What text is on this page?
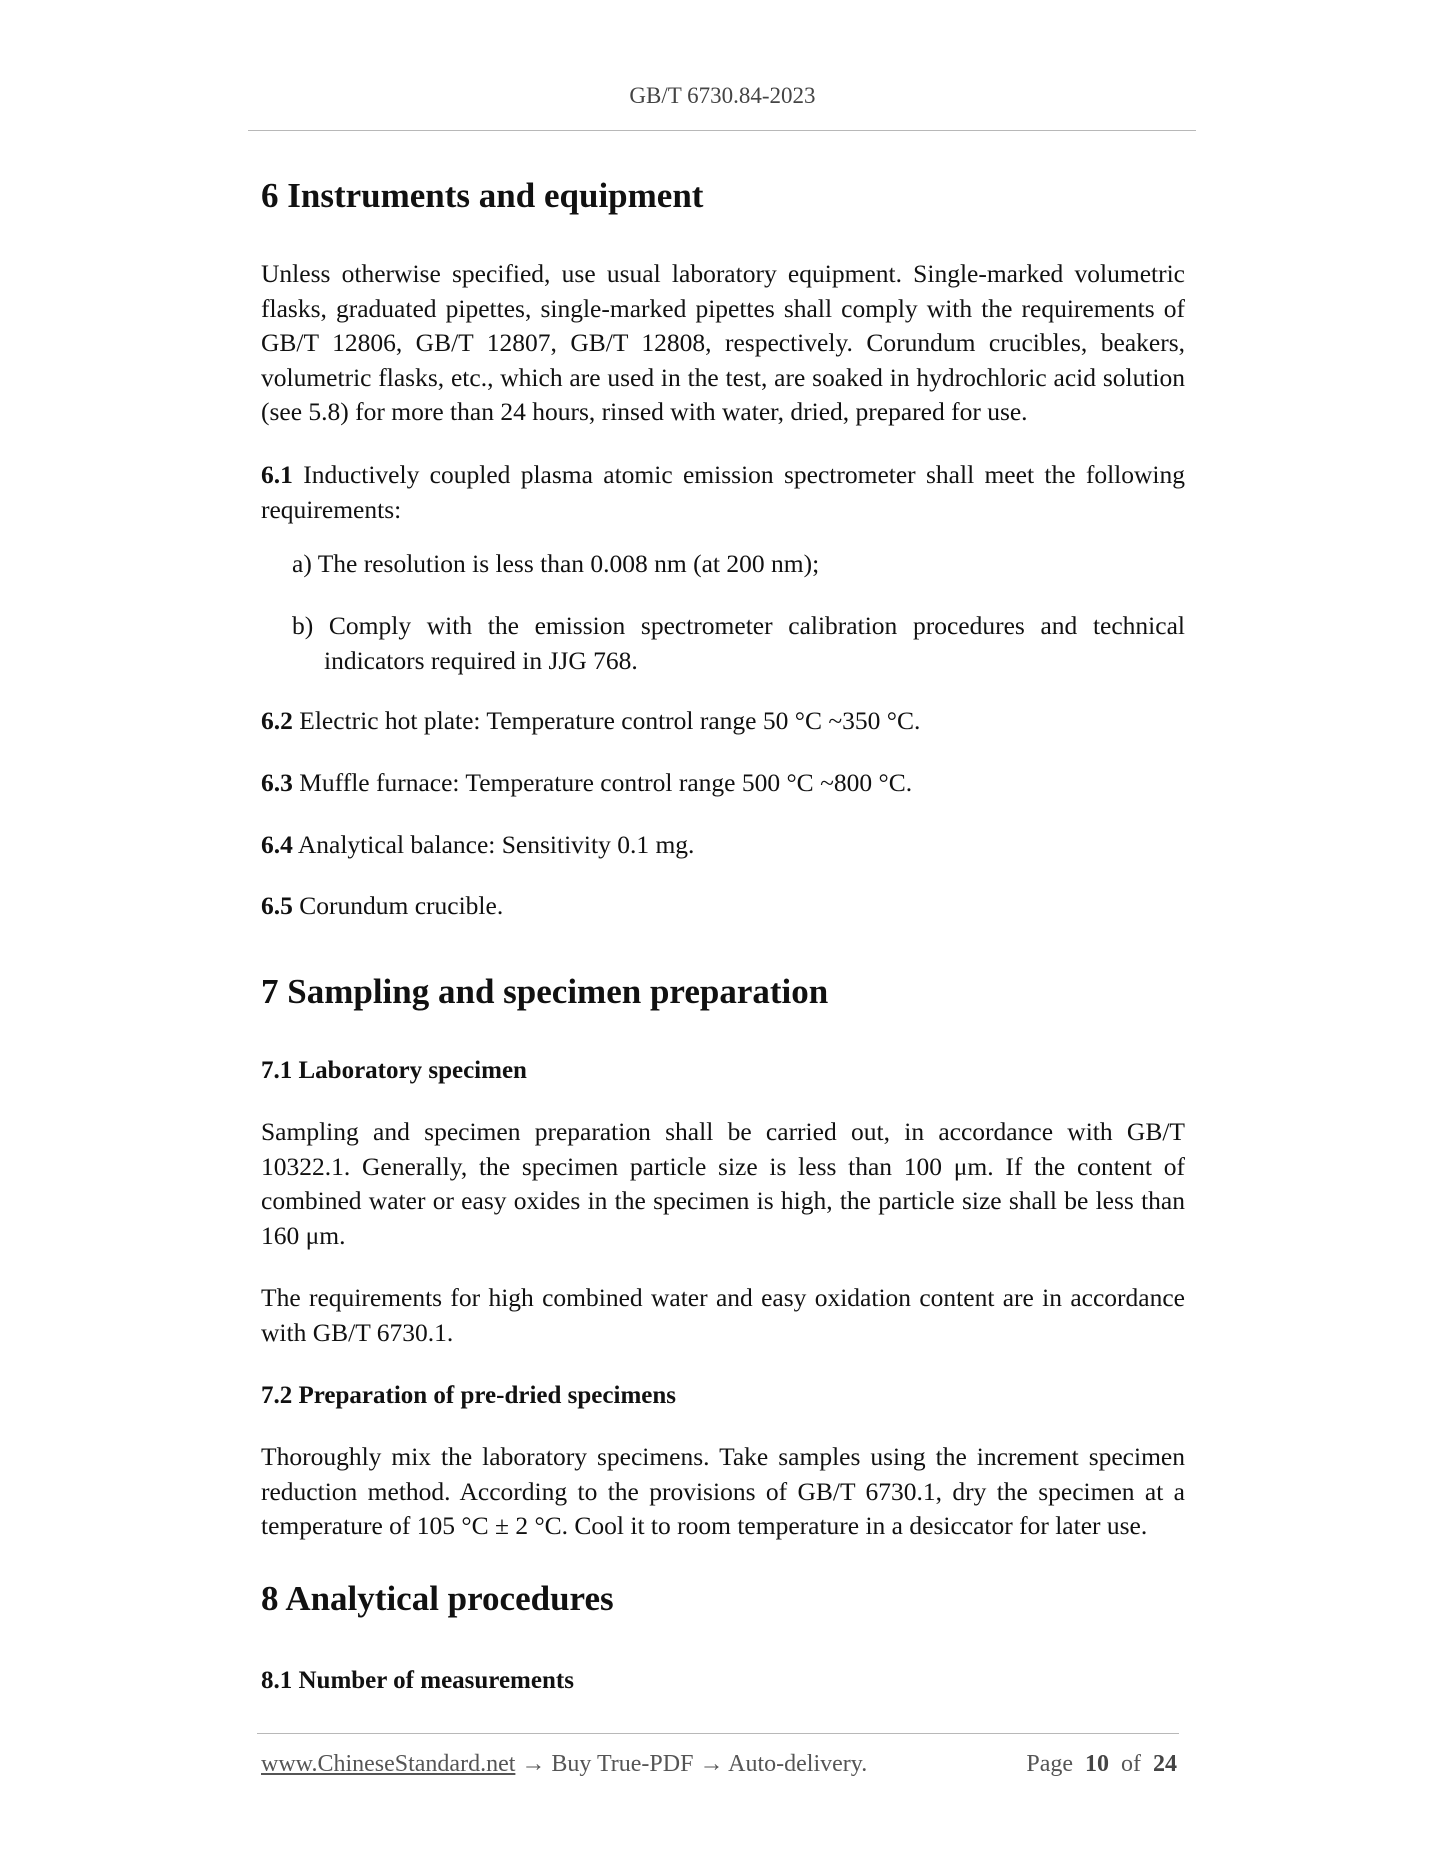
GB/T 6730.84-2023
6 Instruments and equipment

Unless otherwise specified, use usual laboratory equipment. Single-marked volumetric flasks, graduated pipettes, single-marked pipettes shall comply with the requirements of GB/T 12806, GB/T 12807, GB/T 12808, respectively. Corundum crucibles, beakers, volumetric flasks, etc., which are used in the test, are soaked in hydrochloric acid solution (see 5.8) for more than 24 hours, rinsed with water, dried, prepared for use.

6.1 Inductively coupled plasma atomic emission spectrometer shall meet the following requirements:

a) The resolution is less than 0.008 nm (at 200 nm);

b) Comply with the emission spectrometer calibration procedures and technical indicators required in JJG 768.

6.2 Electric hot plate: Temperature control range 50 °C ~350 °C.

6.3 Muffle furnace: Temperature control range 500 °C ~800 °C.

6.4 Analytical balance: Sensitivity 0.1 mg.

6.5 Corundum crucible.

7 Sampling and specimen preparation
7.1 Laboratory specimen

Sampling and specimen preparation shall be carried out, in accordance with GB/T 10322.1. Generally, the specimen particle size is less than 100 μm. If the content of combined water or easy oxides in the specimen is high, the particle size shall be less than 160 μm.

The requirements for high combined water and easy oxidation content are in accordance with GB/T 6730.1.

7.2 Preparation of pre-dried specimens

Thoroughly mix the laboratory specimens. Take samples using the increment specimen reduction method. According to the provisions of GB/T 6730.1, dry the specimen at a temperature of 105 °C ± 2 °C. Cool it to room temperature in a desiccator for later use.

8 Analytical procedures
8.1 Number of measurements
www.ChineseStandard.net → Buy True-PDF → Auto-delivery.	Page 10 of 24
